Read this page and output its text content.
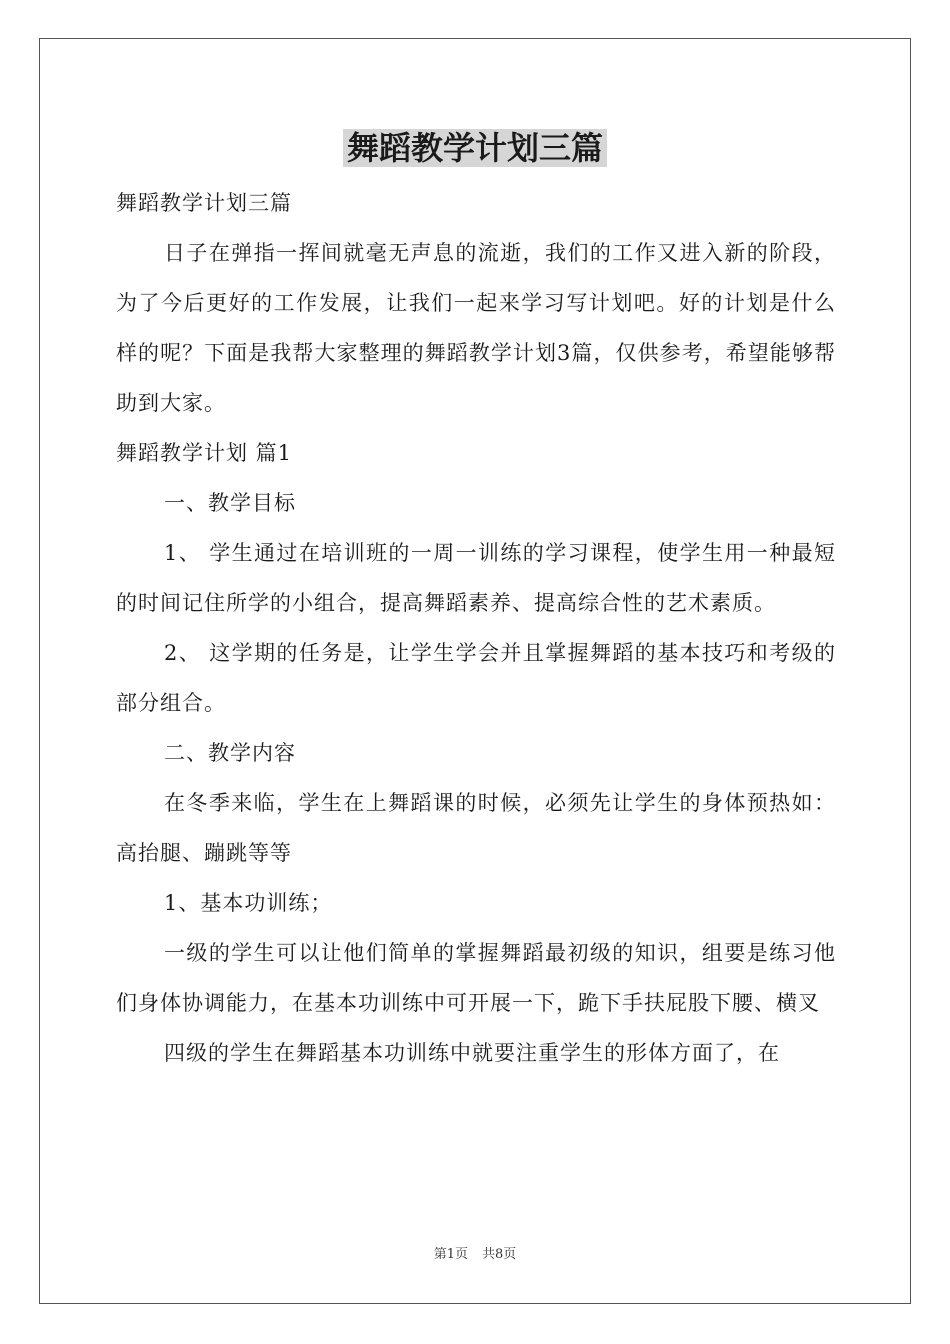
舞蹈教学计划三篇

舞蹈教学计划三篇

日子在弹指一挥间就毫无声息的流逝，我们的工作又进入新的阶段，为了今后更好的工作发展，让我们一起来学习写计划吧。好的计划是什么样的呢？下面是我帮大家整理的舞蹈教学计划3篇，仅供参考，希望能够帮助到大家。

舞蹈教学计划 篇1

一、教学目标

1、 学生通过在培训班的一周一训练的学习课程，使学生用一种最短的时间记住所学的小组合，提高舞蹈素养、提高综合性的艺术素质。

2、 这学期的任务是，让学生学会并且掌握舞蹈的基本技巧和考级的部分组合。

二、教学内容

在冬季来临，学生在上舞蹈课的时候，必须先让学生的身体预热如：高抬腿、蹦跳等等

1、基本功训练；

一级的学生可以让他们简单的掌握舞蹈最初级的知识，组要是练习他们身体协调能力，在基本功训练中可开展一下，跪下手扶屁股下腰、横叉

四级的学生在舞蹈基本功训练中就要注重学生的形体方面了，在

第1页 共8页
